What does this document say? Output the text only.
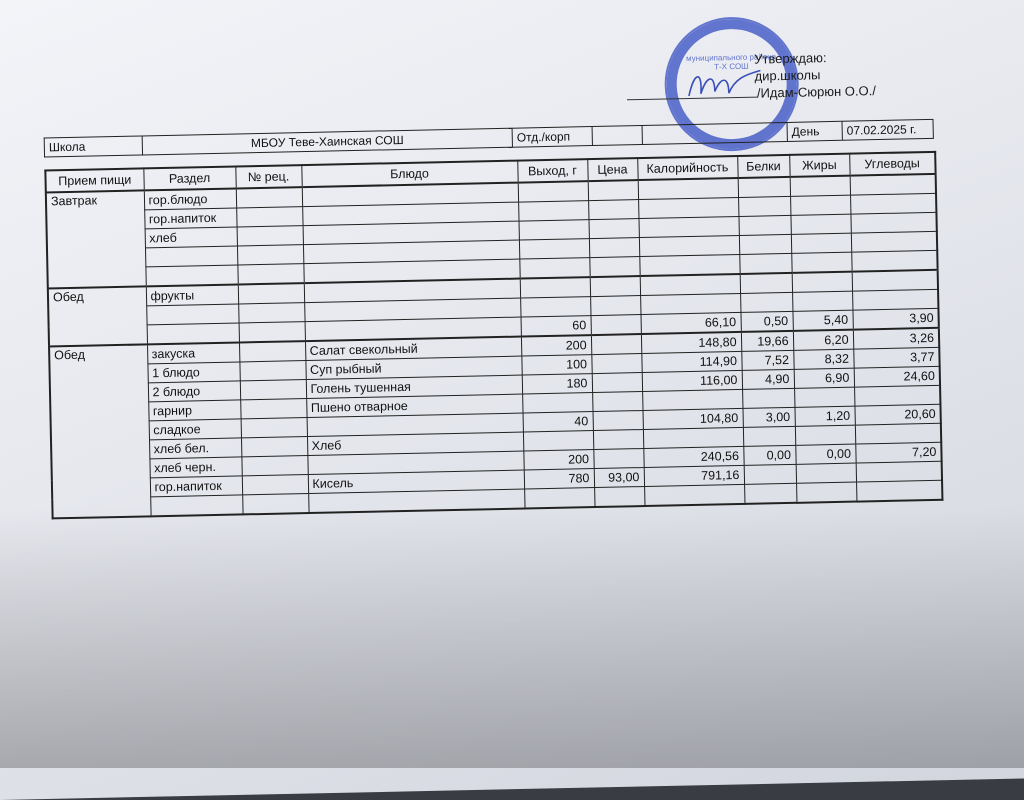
муниципального района
Т-Х СОШ Утверждаю:
дир.школы
/Идам-Сюрюн О.О./
Школа	МБОУ Теве-Хаинская СОШ	Отд./корп	День	07.02.2025 г.
Прием пищи	Раздел	№ рец.	Блюдо	Выход, г	Цена	Калорийность	Белки	Жиры	Углеводы
Завтрак	гор.блюдо								
	гор.напиток								
	хлеб								

Обед	фрукты								

				60		66,10	0,50	5,40	3,90
Обед	закуска		Салат свекольный	200		148,80	19,66	6,20	3,26
	1 блюдо		Суп рыбный	100		114,90	7,52	8,32	3,77
	2 блюдо		Голень тушенная	180		116,00	4,90	6,90	24,60
	гарнир		Пшено отварное						
	сладкое			40		104,80	3,00	1,20	20,60
	хлеб бел.		Хлеб						
	хлеб черн.			200		240,56	0,00	0,00	7,20
	гор.напиток		Кисель	780	93,00	791,16			
